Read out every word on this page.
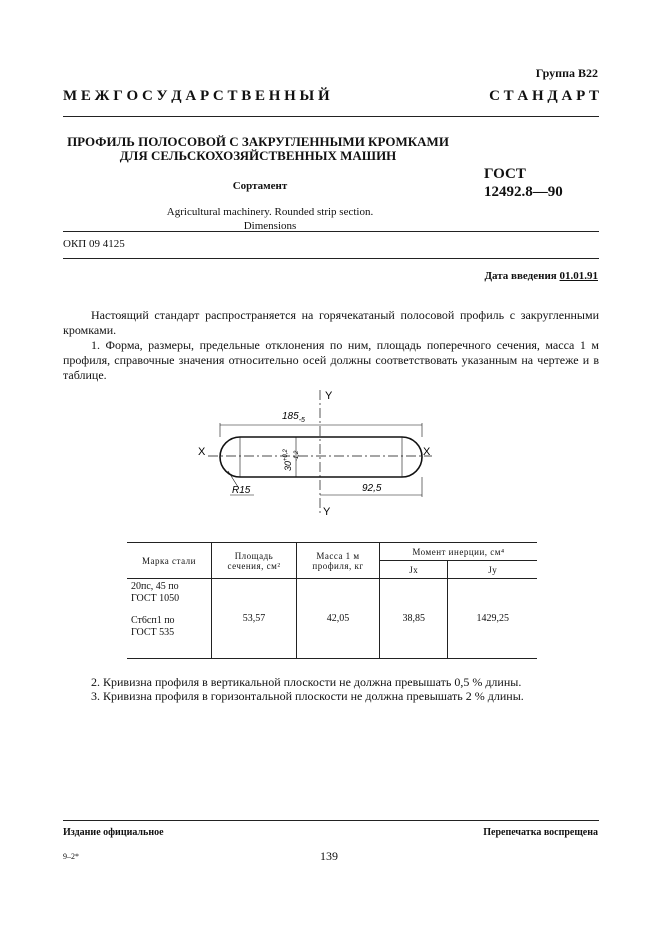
Группа В22
М Е Ж Г О С У Д А Р С Т В Е Н Н Ы Й	С Т А Н Д А Р Т
ПРОФИЛЬ ПОЛОСОВОЙ С ЗАКРУГЛЕННЫМИ КРОМКАМИ
ДЛЯ СЕЛЬСКОХОЗЯЙСТВЕННЫХ МАШИН
Сортамент
Agricultural machinery. Rounded strip section.
Dimensions
ГОСТ
12492.8—90
ОКП 09 4125
Дата введения 01.01.91
Настоящий стандарт распространяется на горячекатаный полосовой профиль с закругленными кромками.
1. Форма, размеры, предельные отклонения по ним, площадь поперечного сечения, масса 1 м профиля, справочные значения относительно осей должны соответствовать указанным на чертеже и в таблице.
Y
Y
X	X
$185_{-5}$
$30^{+0,2}$ -1,2
92,5
R15
Марка стали	Площадь сечения, см²	Масса 1 м профиля, кг	Момент инерции, см⁴	
			Jx	Jy

20пс, 45 по
ГОСТ 1050
Ст6сп1 по
ГОСТ 535	53,57	42,05	38,85	1429,25
2. Кривизна профиля в вертикальной плоскости не должна превышать 0,5 % длины.
3. Кривизна профиля в горизонтальной плоскости не должна превышать 2 % длины.
Издание официальное	Перепечатка воспрещена
9–2*	139
